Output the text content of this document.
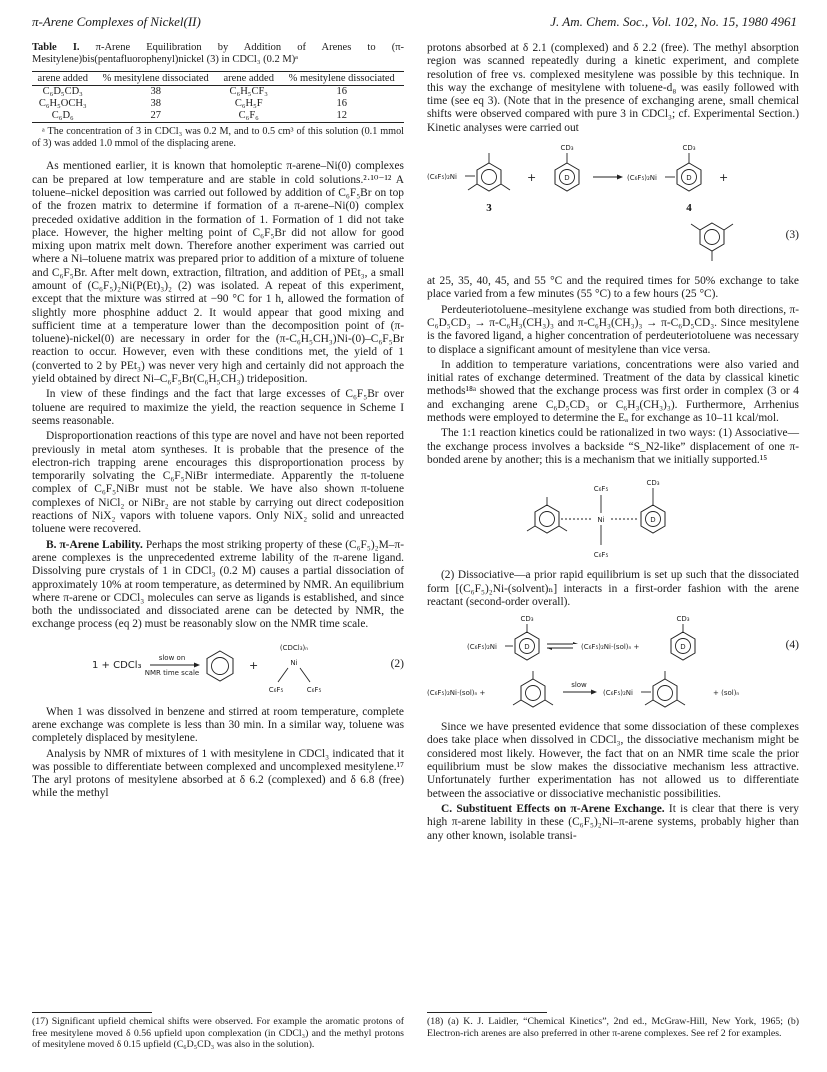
π-Arene Complexes of Nickel(II)	J. Am. Chem. Soc., Vol. 102, No. 15, 1980 4961
Table I. π-Arene Equilibration by Addition of Arenes to (π-Mesitylene)bis(pentafluorophenyl)nickel (3) in CDCl₃ (0.2 M)ᵃ
arene added	% mesitylene dissociated	arene added	% mesitylene dissociated
C₆D₅CD₃	38	C₆H₅CF₃	16
C₆H₅OCH₃	38	C₆H₅F	16
C₆D₆	27	C₆F₆	12
ᵃ The concentration of 3 in CDCl₃ was 0.2 M, and to 0.5 cm³ of this solution (0.1 mmol of 3) was added 1.0 mmol of the displacing arene.

As mentioned earlier, it is known that homoleptic π-arene–Ni(0) complexes can be prepared at low temperature and are stable in cold solutions.²·¹⁰⁻¹² A toluene–nickel deposition was carried out followed by addition of C₆F₅Br on top of the frozen matrix to determine if formation of a π-arene–Ni(0) complex preceded oxidative addition in the formation of 1. Formation of 1 did not take place. However, the higher melting point of C₆F₅Br did not allow for good mixing upon matrix melt down. Therefore another experiment was carried out where a Ni–toluene matrix was prepared prior to addition of a mixture of toluene and C₆F₅Br. After melt down, extraction, filtration, and addition of PEt₃, a small amount of (C₆F₅)₂Ni(P(Et)₃)₂ (2) was isolated. A repeat of this experiment, except that the mixture was stirred at −90 °C for 1 h, allowed the formation of slightly more phosphine adduct 2. It would appear that good mixing and sufficient time at a temperature lower than the decomposition point of (π-toluene)-nickel(0) are necessary in order for the (π-C₆H₅CH₃)Ni-(0)–C₆F₅Br reaction to occur. However, even with these conditions met, the yield of 1 (converted to 2 by PEt₃) was never very high and certainly did not approach the yield obtained by direct Ni–C₆F₅Br(C₆H₅CH₃) trideposition.

In view of these findings and the fact that large excesses of C₆F₅Br over toluene are required to maximize the yield, the reaction sequence in Scheme I seems reasonable.

Disproportionation reactions of this type are novel and have not been reported previously in metal atom syntheses. It is probable that the presence of the electron-rich trapping arene encourages this disproportionation process by temporarily solvating the C₆F₅NiBr intermediate. Apparently the π-toluene complex of C₆F₅NiBr must not be stable. We have also shown π-toluene complexes of NiCl₂ or NiBr₂ are not stable by carrying out direct codeposition reactions of NiX₂ vapors with toluene vapors. Only NiX₂ solid and unreacted toluene were recovered.

B. π-Arene Lability. Perhaps the most striking property of these (C₆F₅)₂M–π-arene complexes is the unprecedented extreme lability of the π-arene ligand. Dissolving pure crystals of 1 in CDCl₃ (0.2 M) causes a partial dissociation of approximately 10% at room temperature, as determined by NMR. An equilibrium where π-arene or CDCl₃ molecules can serve as ligands is established, and since both the undissociated and dissociated arene can be detected by NMR, the exchange process (eq 2) must be reasonably slow on the NMR time scale.

1 + CDCl₃
slow on
NMR time scale
+
(CDCl₃)ₙ
Ni
C₆F₅	C₆F₅
(2)

When 1 was dissolved in benzene and stirred at room temperature, complete arene exchange was complete is less than 30 min. In a similar way, toluene was completely displaced by mesitylene.

Analysis by NMR of mixtures of 1 with mesitylene in CDCl₃ indicated that it was possible to differentiate between complexed and uncomplexed mesitylene.¹⁷ The aryl protons of mesitylene absorbed at δ 6.2 (complexed) and δ 6.8 (free) while the methyl

(17) Significant upfield chemical shifts were observed. For example the aromatic protons of free mesitylene moved δ 0.56 upfield upon complexation (in CDCl₃) and the methyl protons of mesitylene moved δ 0.15 upfield (C₆D₅CD₃ was also in the solution).

protons absorbed at δ 2.1 (complexed) and δ 2.2 (free). The methyl absorption region was scanned repeatedly during a kinetic experiment, and complete resolution of free vs. complexed mesitylene was possible by this technique. In this way the exchange of mesitylene with toluene-d₈ was easily followed with time (see eq 3). (Note that in the presence of exchanging arene, small chemical shifts were observed compared with pure 3 in CDCl₃; cf. Experimental Section.) Kinetic analyses were carried out

(C₆F₅)₂Ni
3
+
CD₃
D	(C₆F₅)₂Ni
CD₃
D
4
+
(3)

at 25, 35, 40, 45, and 55 °C and the required times for 50% exchange to take place varied from a few minutes (55 °C) to a few hours (25 °C).

Perdeuteriotoluene–mesitylene exchange was studied from both directions, π-C₆D₅CD₃ → π-C₆H₃(CH₃)₃ and π-C₆H₃(CH₃)₃ → π-C₆D₅CD₃. Since mesitylene is the favored ligand, a higher concentration of perdeuteriotoluene was necessary to displace a significant amount of mesitylene than vice versa.

In addition to temperature variations, concentrations were also varied and initial rates of exchange determined. Treatment of the data by classical kinetic methods¹⁸ᵃ showed that the exchange process was first order in complex (3 or 4 and exchanging arene C₆D₅CD₃ or C₆H₃(CH₃)₃). Furthermore, Arrhenius methods were employed to determine the Eₐ for exchange as 10–11 kcal/mol.

The 1:1 reaction kinetics could be rationalized in two ways: (1) Associative—the exchange process involves a backside “S_N2-like” displacement of one π-bonded arene by another; this is a mechanism that we initially supported.¹⁵

C₆F₅
Ni
C₆F₅
CD₃
D

(2) Dissociative—a prior rapid equilibrium is set up such that the dissociated form [(C₆F₅)₂Ni-(solvent)ₙ] interacts in a first-order fashion with the arene reactant (second-order overall).

(C₆F₅)₂Ni
CD₃
D	(C₆F₅)₂Ni·(sol)ₙ +
CD₃
D
(C₆F₅)₂Ni·(sol)ₙ +
slow
(C₆F₅)₂Ni	+ (sol)ₙ
(4)

Since we have presented evidence that some dissociation of these complexes does take place when dissolved in CDCl₃, the dissociative mechanism might be considered most likely. However, the fact that on an NMR time scale the prior equilibrium must be slow makes the dissociative mechanism less attractive. Unfortunately further experimentation has not allowed us to differentiate between the associative or dissociative mechanistic possibilities.

C. Substituent Effects on π-Arene Exchange. It is clear that there is very high π-arene lability in these (C₆F₅)₂Ni–π-arene systems, probably higher than any other known, isolable transi-

(18) (a) K. J. Laidler, “Chemical Kinetics”, 2nd ed., McGraw-Hill, New York, 1965; (b) Electron-rich arenes are also preferred in other π-arene complexes. See ref 2 for examples.
